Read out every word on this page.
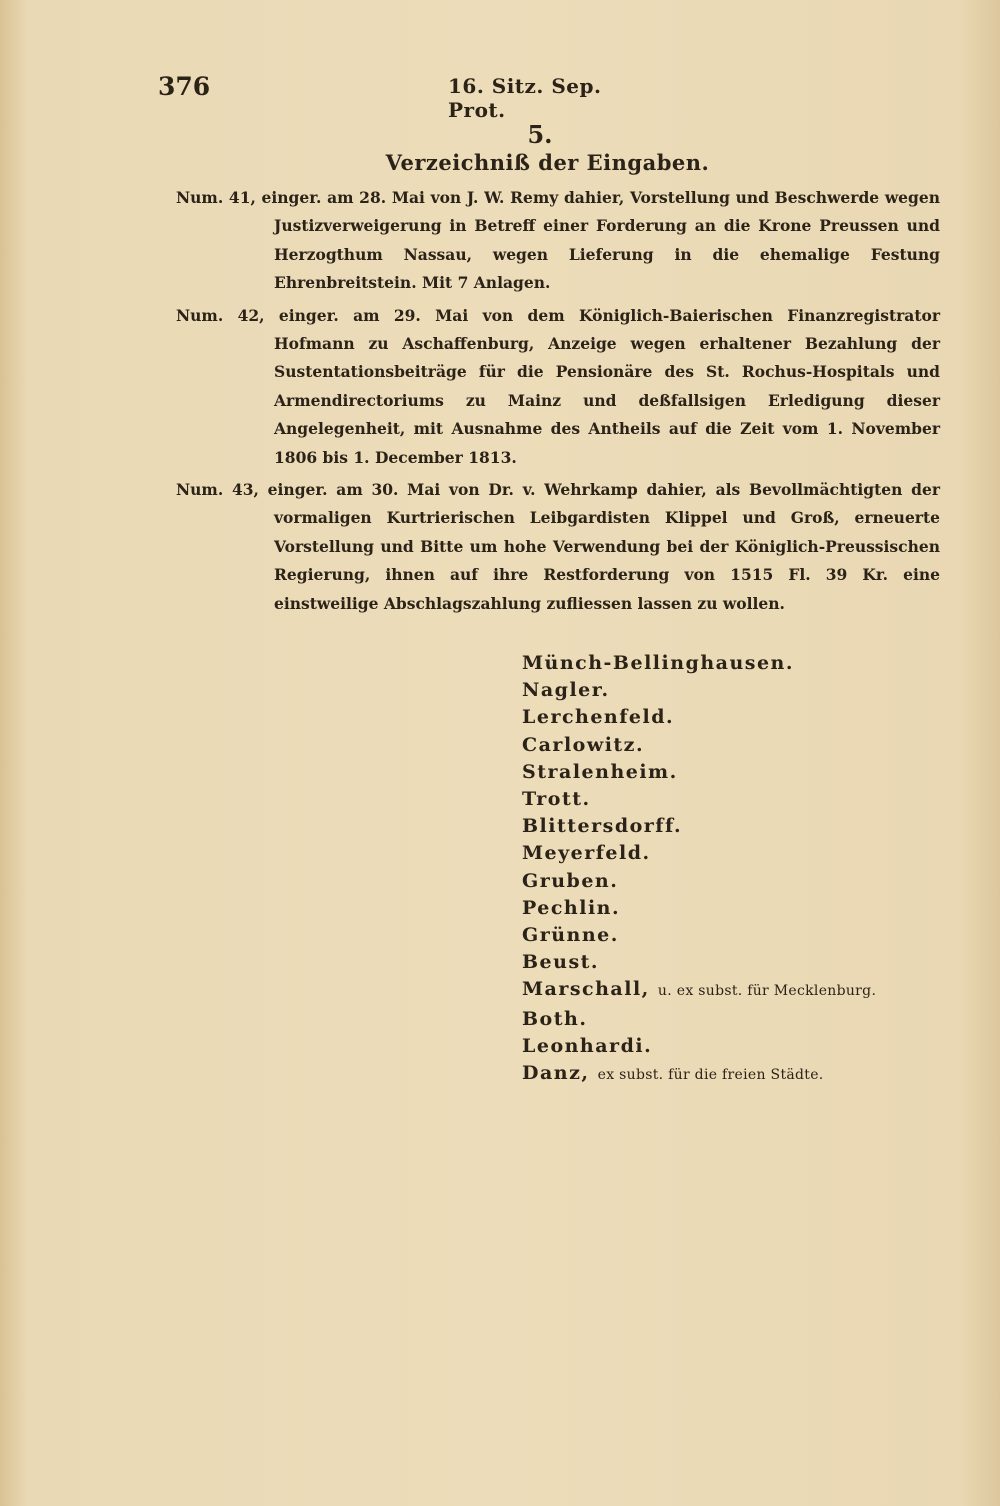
376	16. Sitz. Sep. Prot.
5.
Verzeichniß der Eingaben.

Num. 41, einger. am 28. Mai von J. W. Remy dahier, Vorstellung und Beschwerde wegen Justizverweigerung in Betreff einer Forderung an die Krone Preussen und Herzogthum Nassau, wegen Lieferung in die ehemalige Festung Ehrenbreitstein. Mit 7 Anlagen.

Num. 42, einger. am 29. Mai von dem Königlich-Baierischen Finanzregistrator Hofmann zu Aschaffenburg, Anzeige wegen erhaltener Bezahlung der Sustentationsbeiträge für die Pensionäre des St. Rochus-Hospitals und Armendirectoriums zu Mainz und deßfallsigen Erledigung dieser Angelegenheit, mit Ausnahme des Antheils auf die Zeit vom 1. November 1806 bis 1. December 1813.

Num. 43, einger. am 30. Mai von Dr. v. Wehrkamp dahier, als Bevollmächtigten der vormaligen Kurtrierischen Leibgardisten Klippel und Groß, erneuerte Vorstellung und Bitte um hohe Verwendung bei der Königlich-Preussischen Regierung, ihnen auf ihre Restforderung von 1515 Fl. 39 Kr. eine einstweilige Abschlagszahlung zufliessen lassen zu wollen.

Münch-Bellinghausen.
Nagler.
Lerchenfeld.
Carlowitz.
Stralenheim.
Trott.
Blittersdorff.
Meyerfeld.
Gruben.
Pechlin.
Grünne.
Beust.
Marschall, u. ex subst. für Mecklenburg.
Both.
Leonhardi.
Danz, ex subst. für die freien Städte.
